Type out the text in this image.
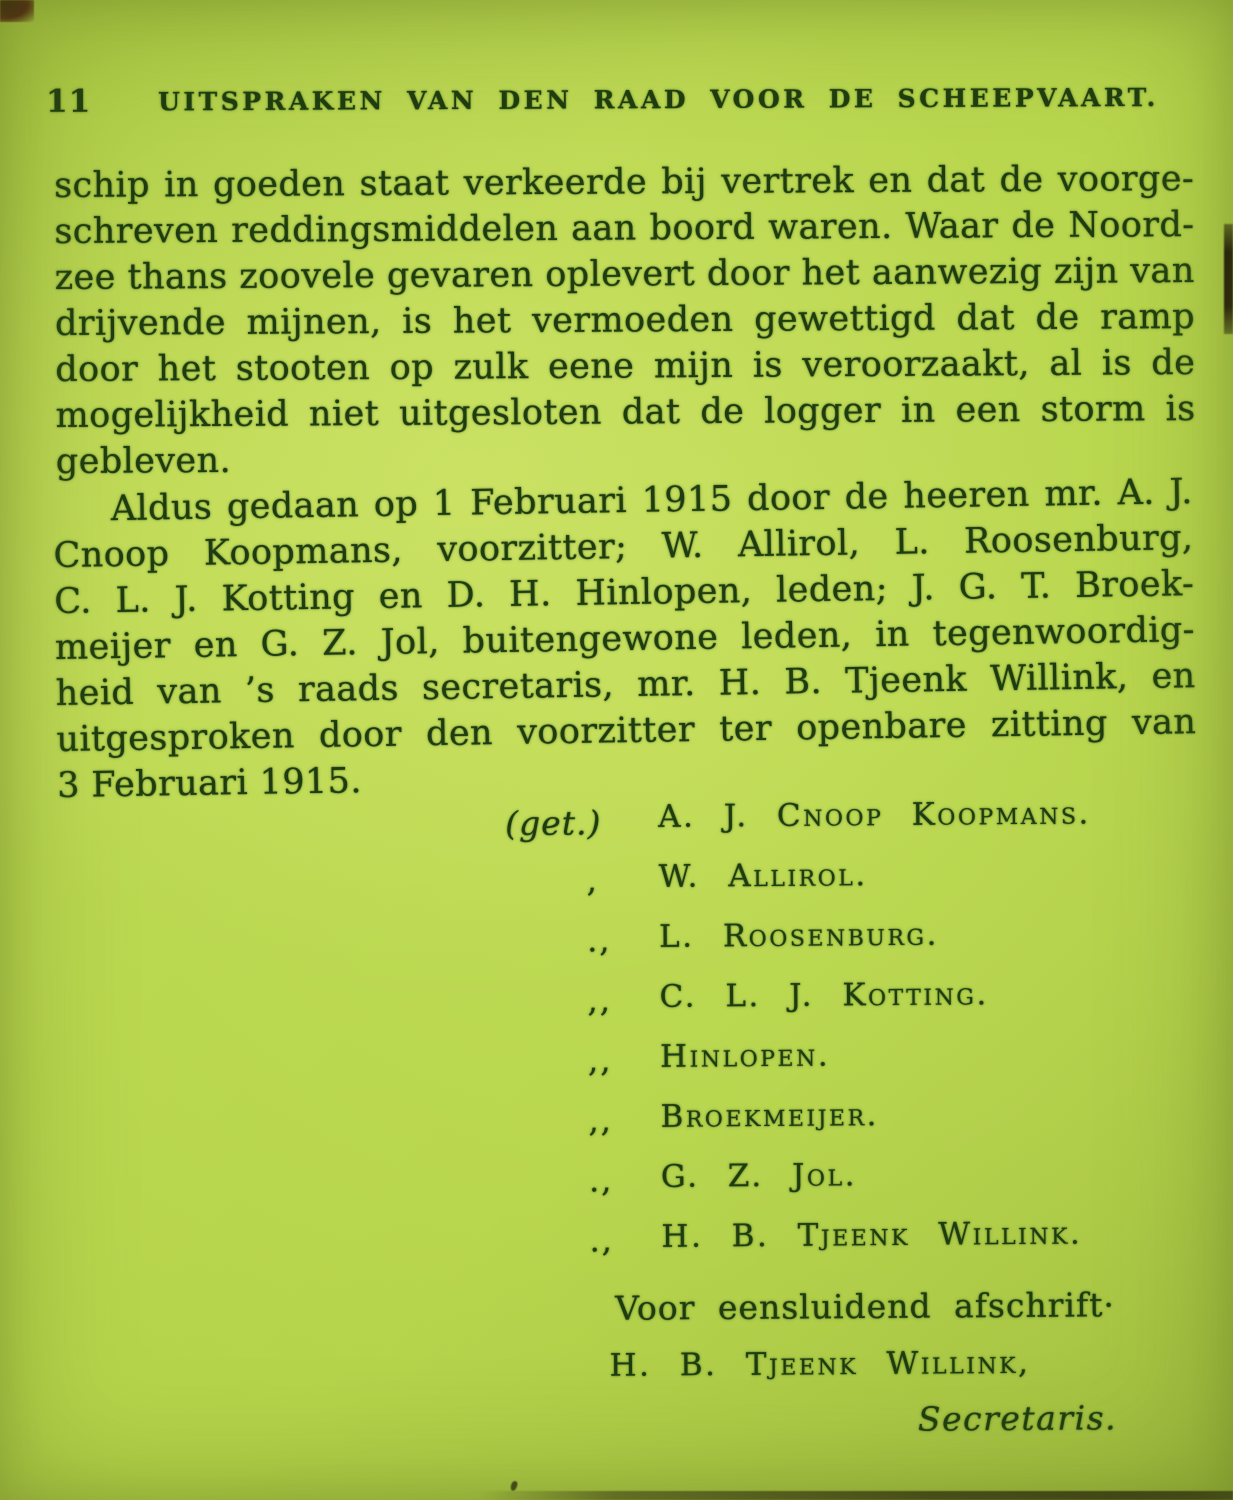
11	UITSPRAKEN VAN DEN RAAD VOOR DE SCHEEPVAART.
schip in goeden staat verkeerde bij vertrek en dat de voorge-
schreven reddingsmiddelen aan boord waren. Waar de Noord-
zee thans zoovele gevaren oplevert door het aanwezig zijn van
drijvende mijnen, is het vermoeden gewettigd dat de ramp
door het stooten op zulk eene mijn is veroorzaakt, al is de
mogelijkheid niet uitgesloten dat de logger in een storm is
gebleven.
Aldus gedaan op 1 Februari 1915 door de heeren mr. A. J.
Cnoop Koopmans, voorzitter; W. Allirol, L. Roosenburg,
C. L. J. Kotting en D. H. Hinlopen, leden; J. G. T. Broek-
meijer en G. Z. Jol, buitengewone leden, in tegenwoordig-
heid van ’s raads secretaris, mr. H. B. Tjeenk Willink, en
uitgesproken door den voorzitter ter openbare zitting van
3 Februari 1915.
(get.) A. J. Cnoop Koopmans.
, W. Allirol.
., L. Roosenburg.
,, C. L. J. Kotting.
,, Hinlopen.
,, Broekmeijer.
., G. Z. Jol.
., H. B. Tjeenk Willink.
Voor eensluidend afschrift·
H. B. Tjeenk Willink,
Secretaris.
